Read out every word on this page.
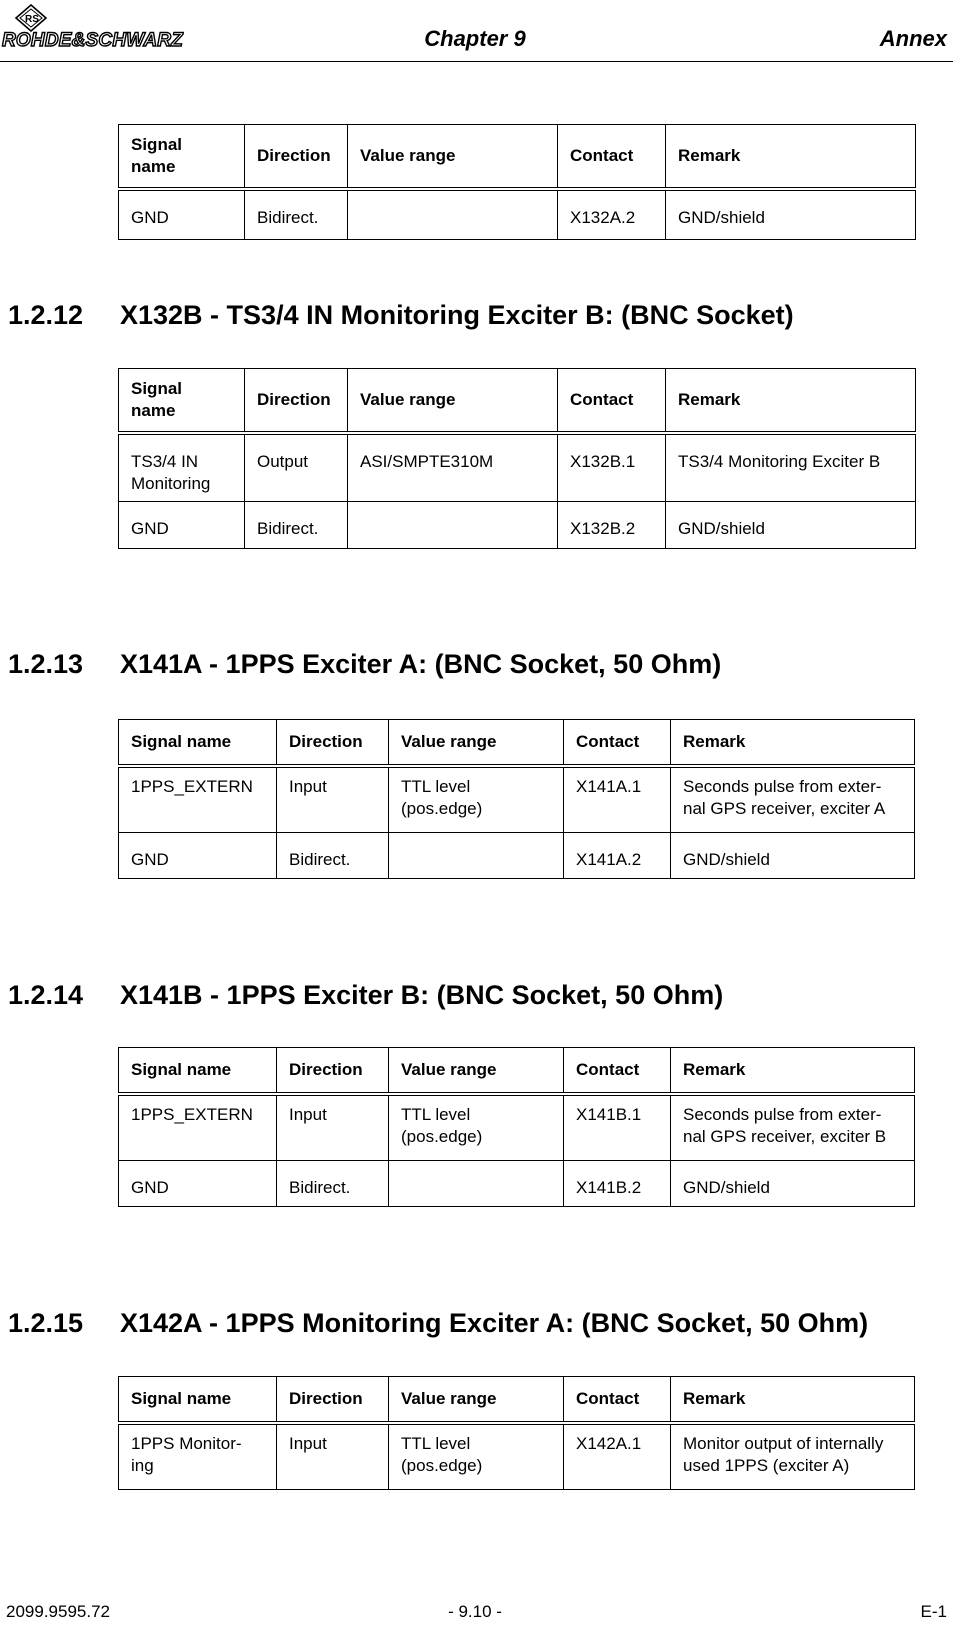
RS
ROHDE&SCHWARZ	Chapter 9	Annex
Signal
name	Direction	Value range	Contact	Remark
GND	Bidirect.		X132A.2	GND/shield
1.2.12 X132B - TS3/4 IN Monitoring Exciter B: (BNC Socket)
Signal
name	Direction	Value range	Contact	Remark
TS3/4 IN Monitoring	Output	ASI/SMPTE310M	X132B.1	TS3/4 Monitoring Exciter B
GND	Bidirect.		X132B.2	GND/shield
1.2.13 X141A - 1PPS Exciter A: (BNC Socket, 50 Ohm)
Signal name	Direction	Value range	Contact	Remark
1PPS_EXTERN	Input	TTL level (pos.edge)	X141A.1	Seconds pulse from exter-nal GPS receiver, exciter A
GND	Bidirect.		X141A.2	GND/shield
1.2.14 X141B - 1PPS Exciter B: (BNC Socket, 50 Ohm)
Signal name	Direction	Value range	Contact	Remark
1PPS_EXTERN	Input	TTL level (pos.edge)	X141B.1	Seconds pulse from exter-nal GPS receiver, exciter B
GND	Bidirect.		X141B.2	GND/shield
1.2.15 X142A - 1PPS Monitoring Exciter A: (BNC Socket, 50 Ohm)
Signal name	Direction	Value range	Contact	Remark
1PPS Monitor-ing	Input	TTL level (pos.edge)	X142A.1	Monitor output of internally used 1PPS (exciter A)
2099.9595.72	- 9.10 -	E-1
